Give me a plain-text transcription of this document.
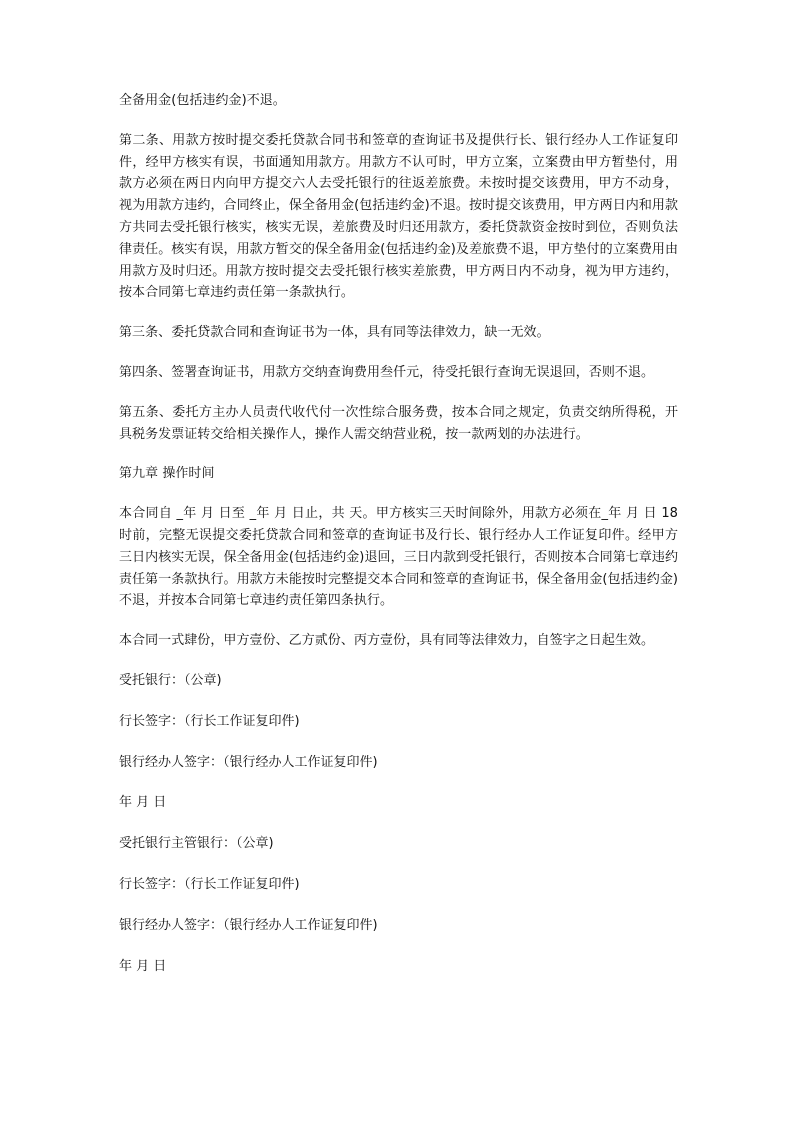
全备用金(包括违约金)不退。

第二条、用款方按时提交委托贷款合同书和签章的查询证书及提供行长、银行经办人工作证复印件，经甲方核实有误，书面通知用款方。用款方不认可时，甲方立案，立案费由甲方暂垫付，用款方必须在两日内向甲方提交六人去受托银行的往返差旅费。未按时提交该费用，甲方不动身，视为用款方违约，合同终止，保全备用金(包括违约金)不退。按时提交该费用，甲方两日内和用款方共同去受托银行核实，核实无误，差旅费及时归还用款方，委托贷款资金按时到位，否则负法律责任。核实有误，用款方暂交的保全备用金(包括违约金)及差旅费不退，甲方垫付的立案费用由用款方及时归还。用款方按时提交去受托银行核实差旅费，甲方两日内不动身，视为甲方违约，按本合同第七章违约责任第一条款执行。

第三条、委托贷款合同和查询证书为一体，具有同等法律效力，缺一无效。

第四条、签署查询证书，用款方交纳查询费用叁仟元，待受托银行查询无误退回，否则不退。

第五条、委托方主办人员责代收代付一次性综合服务费，按本合同之规定，负责交纳所得税，开具税务发票证转交给相关操作人，操作人需交纳营业税，按一款两划的办法进行。

第九章 操作时间

本合同自 _年 月 日至 _年 月 日止，共 天。甲方核实三天时间除外，用款方必须在_年 月 日 18 时前，完整无误提交委托贷款合同和签章的查询证书及行长、银行经办人工作证复印件。经甲方三日内核实无误，保全备用金(包括违约金)退回，三日内款到受托银行，否则按本合同第七章违约责任第一条款执行。用款方未能按时完整提交本合同和签章的查询证书，保全备用金(包括违约金)不退，并按本合同第七章违约责任第四条执行。

本合同一式肆份，甲方壹份、乙方贰份、丙方壹份，具有同等法律效力，自签字之日起生效。

受托银行：（公章)

行长签字：（行长工作证复印件)

银行经办人签字：（银行经办人工作证复印件)

年 月 日

受托银行主管银行：（公章)

行长签字：（行长工作证复印件)

银行经办人签字：（银行经办人工作证复印件)

年 月 日
